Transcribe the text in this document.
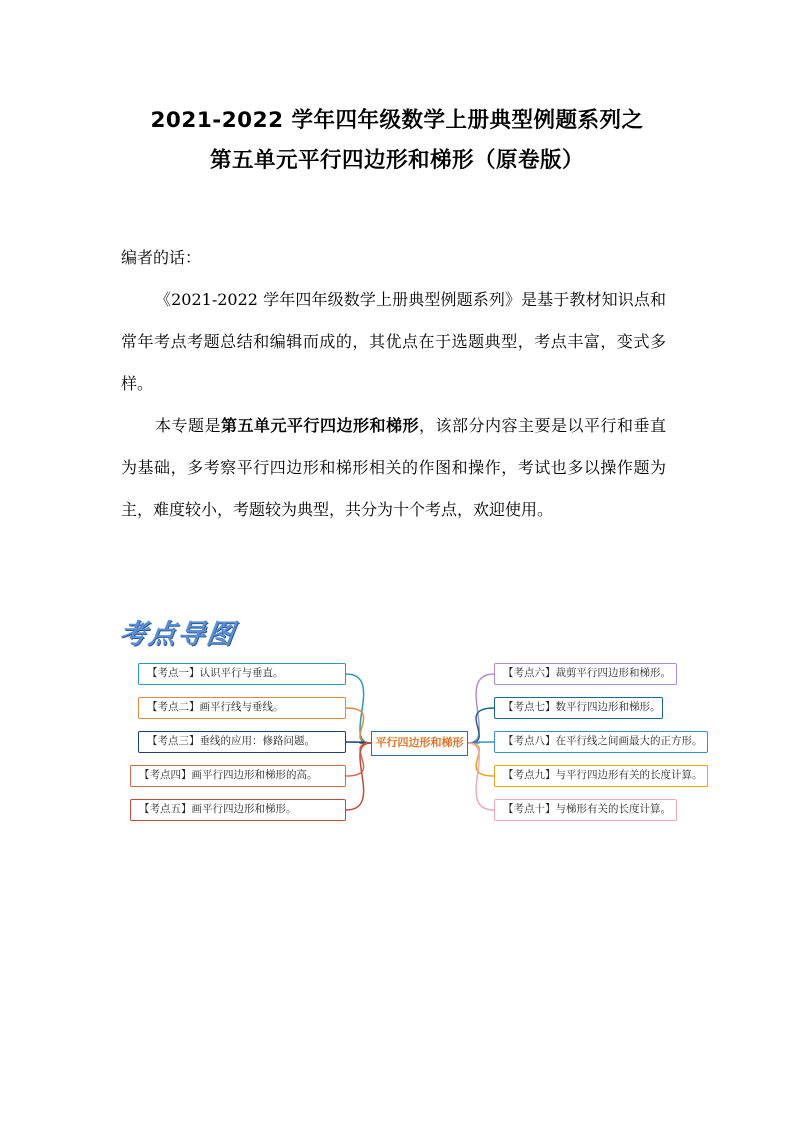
2021-2022 学年四年级数学上册典型例题系列之
第五单元平行四边形和梯形（原卷版）
编者的话：
《2021-2022 学年四年级数学上册典型例题系列》是基于教材知识点和常年考点考题总结和编辑而成的，其优点在于选题典型，考点丰富，变式多样。
本专题是第五单元平行四边形和梯形，该部分内容主要是以平行和垂直为基础，多考察平行四边形和梯形相关的作图和操作，考试也多以操作题为主，难度较小，考题较为典型，共分为十个考点，欢迎使用。
考点导图
平行四边形和梯形
【考点一】认识平行与垂直。
【考点二】画平行线与垂线。
【考点三】垂线的应用：修路问题。
【考点四】画平行四边形和梯形的高。
【考点五】画平行四边形和梯形。
【考点六】裁剪平行四边形和梯形。
【考点七】数平行四边形和梯形。
【考点八】在平行线之间画最大的正方形。
【考点九】与平行四边形有关的长度计算。
【考点十】与梯形有关的长度计算。
